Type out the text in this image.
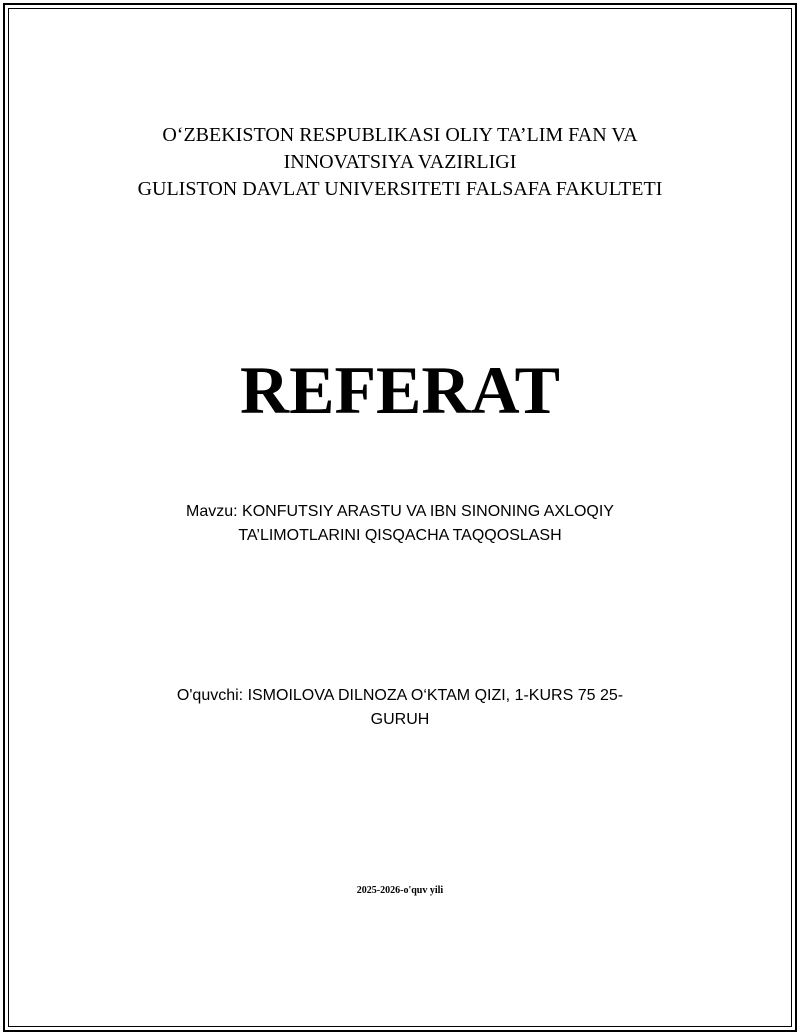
O‘ZBEKISTON RESPUBLIKASI OLIY TA’LIM FAN VA
INNOVATSIYA VAZIRLIGI
GULISTON DAVLAT UNIVERSITETI FALSAFA FAKULTETI
REFERAT
Mavzu: KONFUTSIY ARASTU VA IBN SINONING AXLOQIY
TA’LIMOTLARINI QISQACHA TAQQOSLASH
O'quvchi: ISMOILOVA DILNOZA O‘KTAM QIZI, 1-KURS 75 25-
GURUH
2025-2026-o'quv yili
